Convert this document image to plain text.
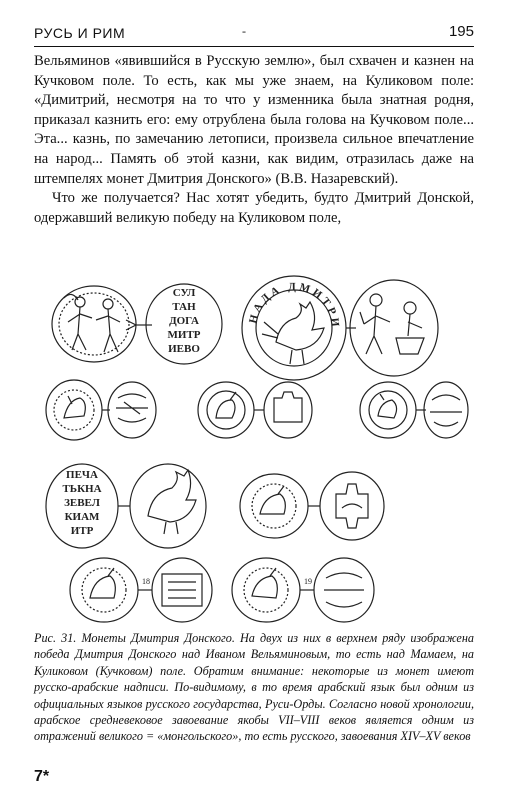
РУСЬ И РИМ	-	195

Вельяминов «явившийся в Русскую землю», был схвачен и казнен на Кучковом поле. То есть, как мы уже знаем, на Куликовом поле: «Димитрий, несмотря на то что у изменника была знатная родня, приказал казнить его: ему отрублена была голова на Кучковом поле... Эта... казнь, по замечанию летописи, произвела сильное впечатление на народ... Память об этой казни, как видим, отразилась даже на штемпелях монет Дмитрия Донского» (В.В. Назаревский).

Что же получается? Нас хотят убедить, будто Дмитрий Донской, одержавший великую победу на Куликовом поле,

СУЛ
ТАН
ДОГА
МИТР
ИЕВО
НАДА ДМИТРИ
ПЕЧА
ТЬКНА
ЗЕВЕЛ
КИАМ
ИТР
18	19
Рис. 31. Монеты Дмитрия Донского. На двух из них в верхнем ряду изображена победа Дмитрия Донского над Иваном Вельяминовым, то есть над Мамаем, на Куликовом (Кучковом) поле. Обратим внимание: некоторые из монет имеют русско-арабские надписи. По-видимому, в то время арабский язык был одним из официальных языков русского государства, Руси-Орды. Согласно новой хронологии, арабское средневековое завоевание якобы VII–VIII веков является одним из отражений великого = «монгольского», то есть русского, завоевания XIV–XV веков
7*
